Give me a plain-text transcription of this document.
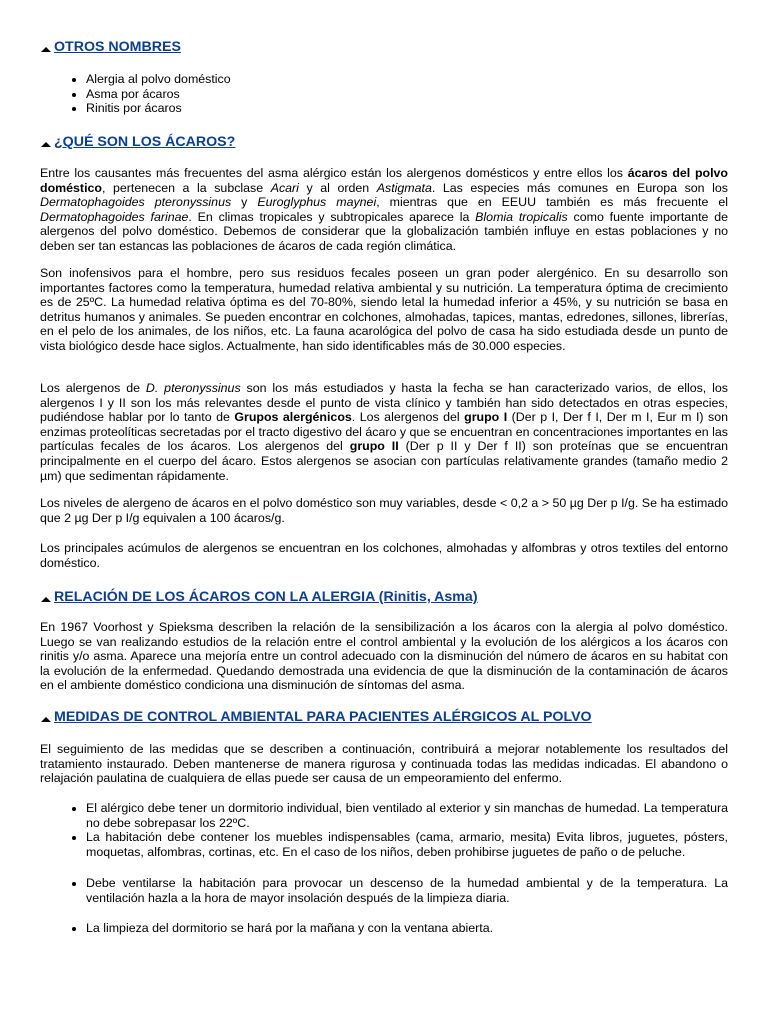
OTROS NOMBRES
• Alergia al polvo doméstico
• Asma por ácaros
• Rinitis por ácaros
¿QUÉ SON LOS ÁCAROS?

Entre los causantes más frecuentes del asma alérgico están los alergenos domésticos y entre ellos los ácaros del polvo doméstico, pertenecen a la subclase Acari y al orden Astigmata. Las especies más comunes en Europa son los Dermatophagoides pteronyssinus y Euroglyphus maynei, mientras que en EEUU también es más frecuente el Dermatophagoides farinae. En climas tropicales y subtropicales aparece la Blomia tropicalis como fuente importante de alergenos del polvo doméstico. Debemos de considerar que la globalización también influye en estas poblaciones y no deben ser tan estancas las poblaciones de ácaros de cada región climática.

Son inofensivos para el hombre, pero sus residuos fecales poseen un gran poder alergénico. En su desarrollo son importantes factores como la temperatura, humedad relativa ambiental y su nutrición. La temperatura óptima de crecimiento es de 25ºC. La humedad relativa óptima es del 70-80%, siendo letal la humedad inferior a 45%, y su nutrición se basa en detritus humanos y animales. Se pueden encontrar en colchones, almohadas, tapices, mantas, edredones, sillones, librerías, en el pelo de los animales, de los niños, etc. La fauna acarológica del polvo de casa ha sido estudiada desde un punto de vista biológico desde hace siglos. Actualmente, han sido identificables más de 30.000 especies.

Los alergenos de D. pteronyssinus son los más estudiados y hasta la fecha se han caracterizado varios, de ellos, los alergenos I y II son los más relevantes desde el punto de vista clínico y también han sido detectados en otras especies, pudiéndose hablar por lo tanto de Grupos alergénicos. Los alergenos del grupo I (Der p I, Der f I, Der m I, Eur m I) son enzimas proteolíticas secretadas por el tracto digestivo del ácaro y que se encuentran en concentraciones importantes en las partículas fecales de los ácaros. Los alergenos del grupo II (Der p II y Der f II) son proteínas que se encuentran principalmente en el cuerpo del ácaro. Estos alergenos se asocian con partículas relativamente grandes (tamaño medio 2 µm) que sedimentan rápidamente.

Los niveles de alergeno de ácaros en el polvo doméstico son muy variables, desde < 0,2 a > 50 µg Der p I/g. Se ha estimado que 2 µg Der p I/g equivalen a 100 ácaros/g.

Los principales acúmulos de alergenos se encuentran en los colchones, almohadas y alfombras y otros textiles del entorno doméstico.

RELACIÓN DE LOS ÁCAROS CON LA ALERGIA (Rinitis, Asma)

En 1967 Voorhost y Spieksma describen la relación de la sensibilización a los ácaros con la alergia al polvo doméstico. Luego se van realizando estudios de la relación entre el control ambiental y la evolución de los alérgicos a los ácaros con rinitis y/o asma. Aparece una mejoría entre un control adecuado con la disminución del número de ácaros en su habitat con la evolución de la enfermedad. Quedando demostrada una evidencia de que la disminución de la contaminación de ácaros en el ambiente doméstico condiciona una disminución de síntomas del asma.

MEDIDAS DE CONTROL AMBIENTAL PARA PACIENTES ALÉRGICOS AL POLVO

El seguimiento de las medidas que se describen a continuación, contribuirá a mejorar notablemente los resultados del tratamiento instaurado. Deben mantenerse de manera rigurosa y continuada todas las medidas indicadas. El abandono o relajación paulatina de cualquiera de ellas puede ser causa de un empeoramiento del enfermo.

• El alérgico debe tener un dormitorio individual, bien ventilado al exterior y sin manchas de humedad. La temperatura no debe sobrepasar los 22ºC.
• La habitación debe contener los muebles indispensables (cama, armario, mesita) Evita libros, juguetes, pósters, moquetas, alfombras, cortinas, etc. En el caso de los niños, deben prohibirse juguetes de paño o de peluche.
• Debe ventilarse la habitación para provocar un descenso de la humedad ambiental y de la temperatura. La ventilación hazla a la hora de mayor insolación después de la limpieza diaria.
• La limpieza del dormitorio se hará por la mañana y con la ventana abierta.
